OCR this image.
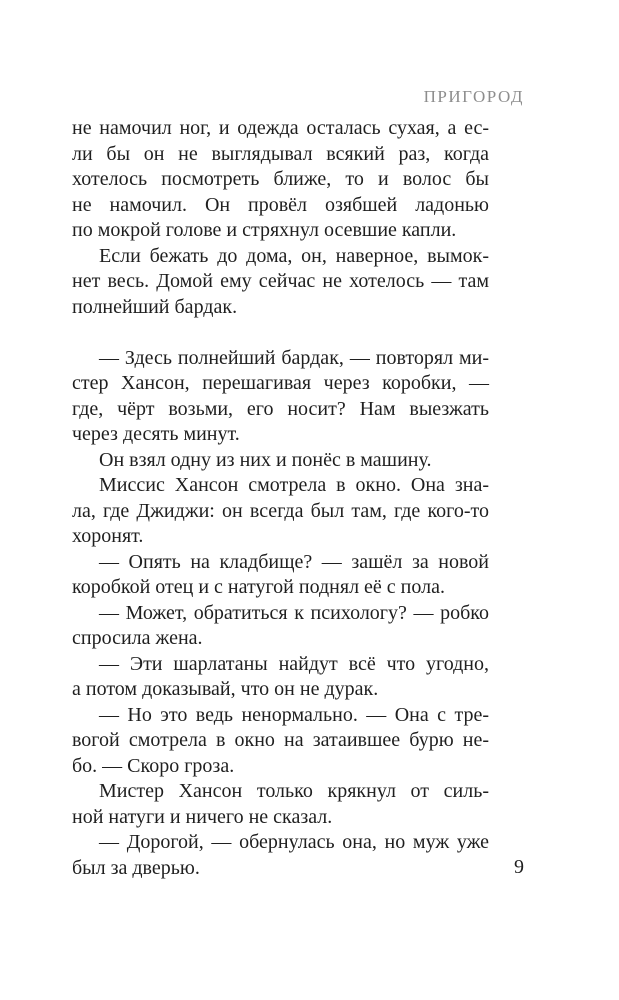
ПРИГОРОД

не намочил ног, и одежда осталась сухая, а ес-
ли бы он не выглядывал всякий раз, когда
хотелось посмотреть ближе, то и волос бы
не намочил. Он провёл озябшей ладонью
по мокрой голове и стряхнул осевшие капли.

Если бежать до дома, он, наверное, вымок-
нет весь. Домой ему сейчас не хотелось — там
полнейший бардак.

— Здесь полнейший бардак, — повторял ми-
стер Хансон, перешагивая через коробки, —
где, чёрт возьми, его носит? Нам выезжать
через десять минут.

Он взял одну из них и понёс в машину.

Миссис Хансон смотрела в окно. Она зна-
ла, где Джиджи: он всегда был там, где кого-то
хоронят.

— Опять на кладбище? — зашёл за новой
коробкой отец и с натугой поднял её с пола.

— Может, обратиться к психологу? — робко
спросила жена.

— Эти шарлатаны найдут всё что угодно,
а потом доказывай, что он не дурак.

— Но это ведь ненормально. — Она с тре-
вогой смотрела в окно на затаившее бурю не-
бо. — Скоро гроза.

Мистер Хансон только крякнул от силь-
ной натуги и ничего не сказал.

— Дорогой, — обернулась она, но муж уже
был за дверью.	9
